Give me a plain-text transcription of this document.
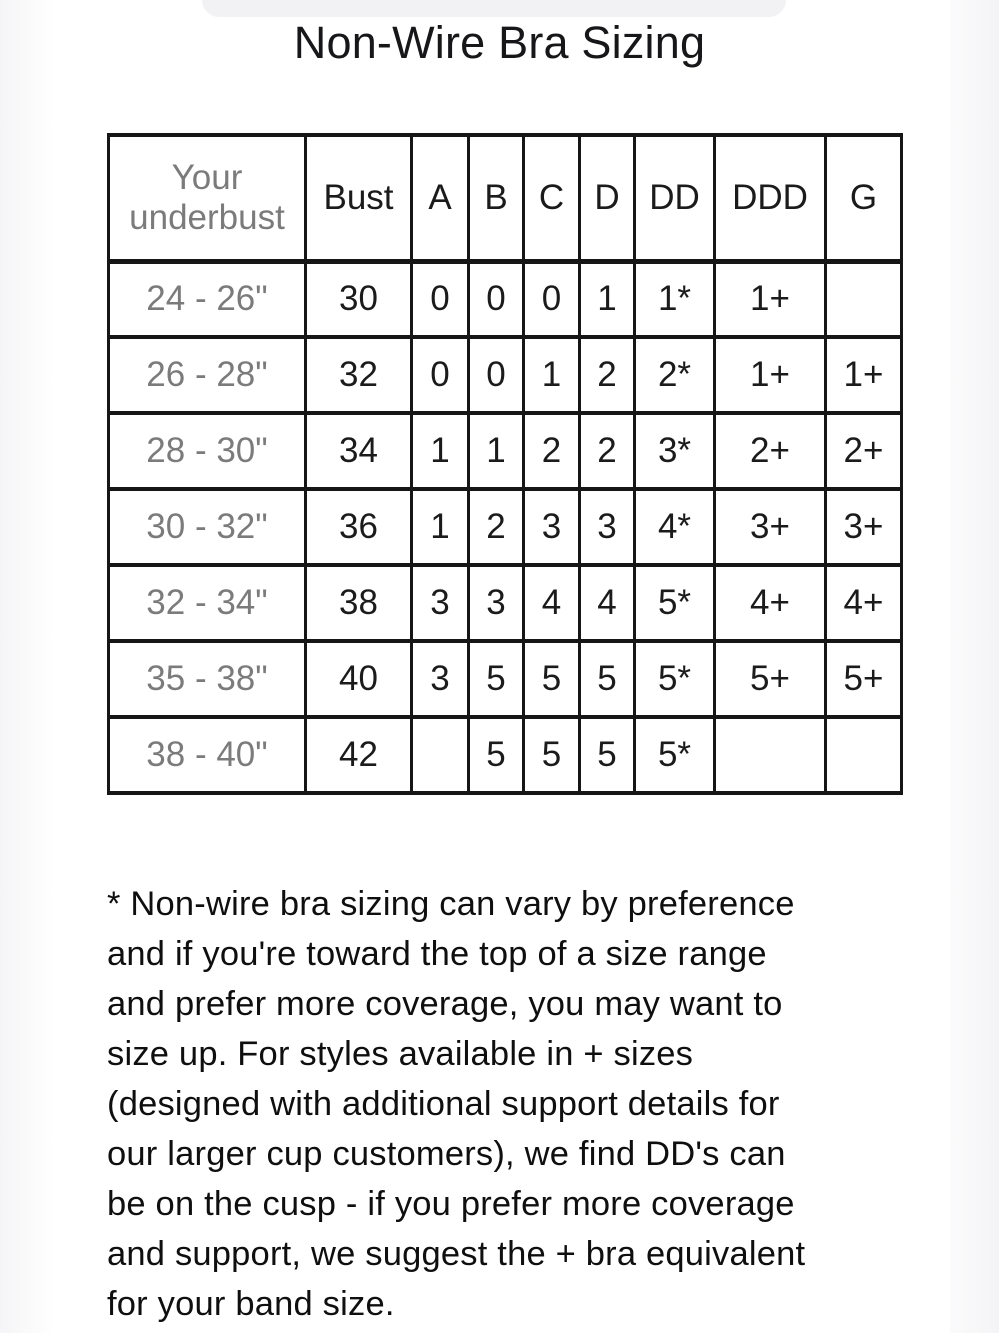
Non-Wire Bra Sizing
Your underbust	Bust	A	B	C	D	DD	DDD	G
24 - 26"	30	0	0	0	1	1*	1+	
26 - 28"	32	0	0	1	2	2*	1+	1+
28 - 30"	34	1	1	2	2	3*	2+	2+
30 - 32"	36	1	2	3	3	4*	3+	3+
32 - 34"	38	3	3	4	4	5*	4+	4+
35 - 38"	40	3	5	5	5	5*	5+	5+
38 - 40"	42		5	5	5	5*		

* Non-wire bra sizing can vary by preference
and if you're toward the top of a size range
and prefer more coverage, you may want to
size up. For styles available in + sizes
(designed with additional support details for
our larger cup customers), we find DD's can
be on the cusp - if you prefer more coverage
and support, we suggest the + bra equivalent
for your band size.
